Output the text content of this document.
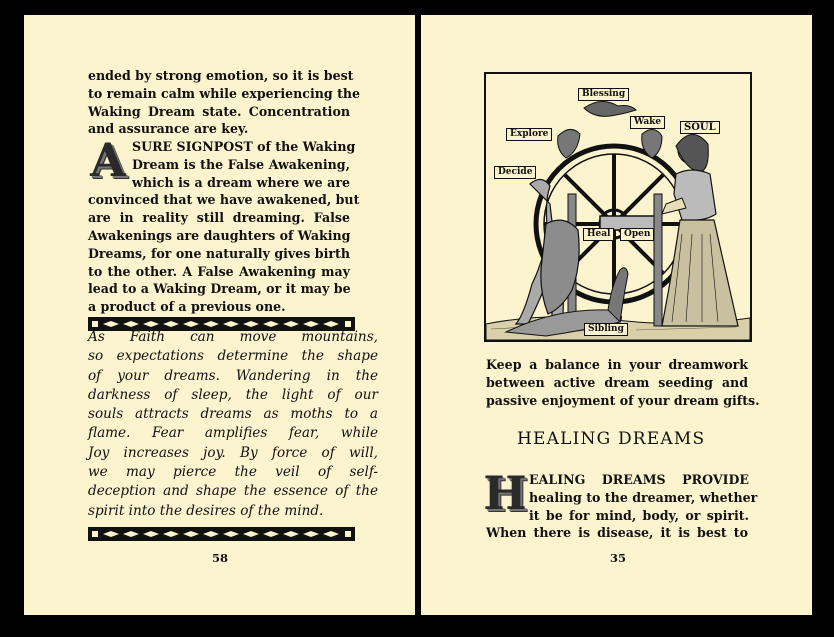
ended by strong emotion, so it is best
to remain calm while experiencing the
Waking Dream state. Concentration
and assurance are key.
A SURE SIGNPOST of the Waking
Dream is the False Awakening,
which is a dream where we are
convinced that we have awakened, but
are in reality still dreaming. False
Awakenings are daughters of Waking
Dreams, for one naturally gives birth
to the other. A False Awakening may
lead to a Waking Dream, or it may be
a product of a previous one.
As Faith can move mountains,
so expectations determine the shape
of your dreams. Wandering in the
darkness of sleep, the light of our
souls attracts dreams as moths to a
flame. Fear amplifies fear, while
Joy increases joy. By force of will,
we may pierce the veil of self-
deception and shape the essence of the
spirit into the desires of the mind.
58
Blessing
Explore
Wake	SOUL
Decide
Heal	Open
Sibling
Keep a balance in your dreamwork
between active dream seeding and
passive enjoyment of your dream gifts.
HEALING DREAMS
H EALING DREAMS PROVIDE
healing to the dreamer, whether
it be for mind, body, or spirit.
When there is disease, it is best to
35
